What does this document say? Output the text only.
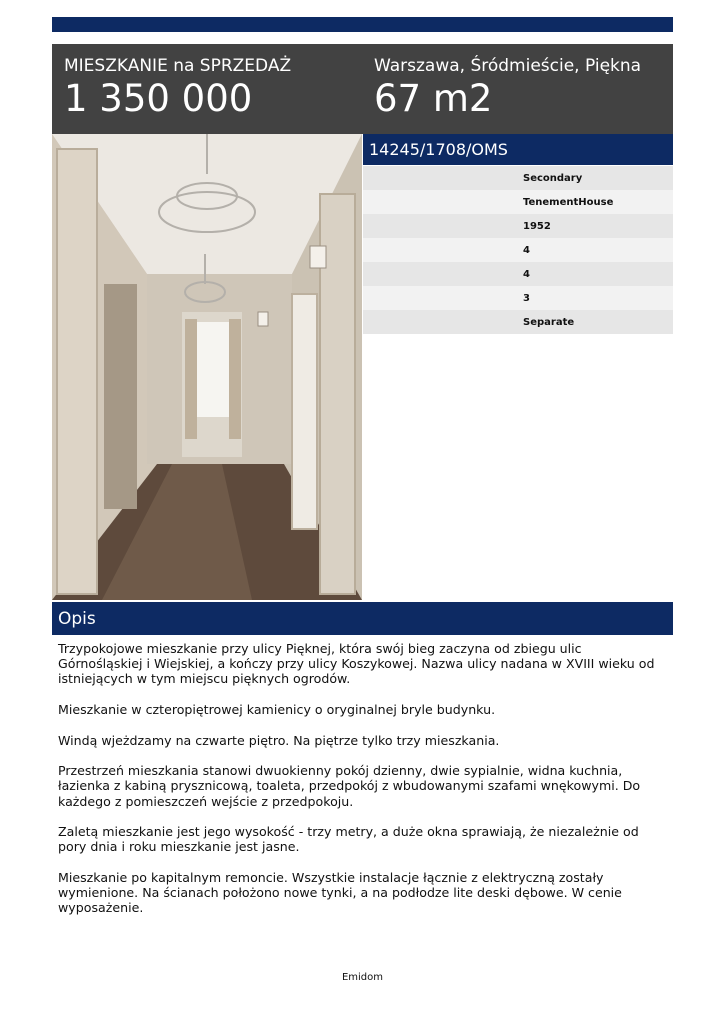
MIESZKANIE na SPRZEDAŻ
1 350 000
Warszawa, Śródmieście, Piękna
67 m2
14245/1708/OMS
Secondary
TenementHouse
1952
4
4
3
Separate
Opis

Trzypokojowe mieszkanie przy ulicy Pięknej, która swój bieg zaczyna od zbiegu ulic Górnośląskiej i Wiejskiej, a kończy przy ulicy Koszykowej. Nazwa ulicy nadana w XVIII wieku od istniejących w tym miejscu pięknych ogrodów.

Mieszkanie w czteropiętrowej kamienicy o oryginalnej bryle budynku.

Windą wjeżdzamy na czwarte piętro. Na piętrze tylko trzy mieszkania.

Przestrzeń mieszkania stanowi dwuokienny pokój dzienny, dwie sypialnie, widna kuchnia, łazienka z kabiną prysznicową, toaleta, przedpokój z wbudowanymi szafami wnękowymi. Do każdego z pomieszczeń wejście z przedpokoju.

Zaletą mieszkanie jest jego wysokość - trzy metry, a duże okna sprawiają, że niezależnie od pory dnia i roku mieszkanie jest jasne.

Mieszkanie po kapitalnym remoncie. Wszystkie instalacje łącznie z elektryczną zostały wymienione. Na ścianach położono nowe tynki, a na podłodze lite deski dębowe. W cenie wyposażenie.

Emidom
